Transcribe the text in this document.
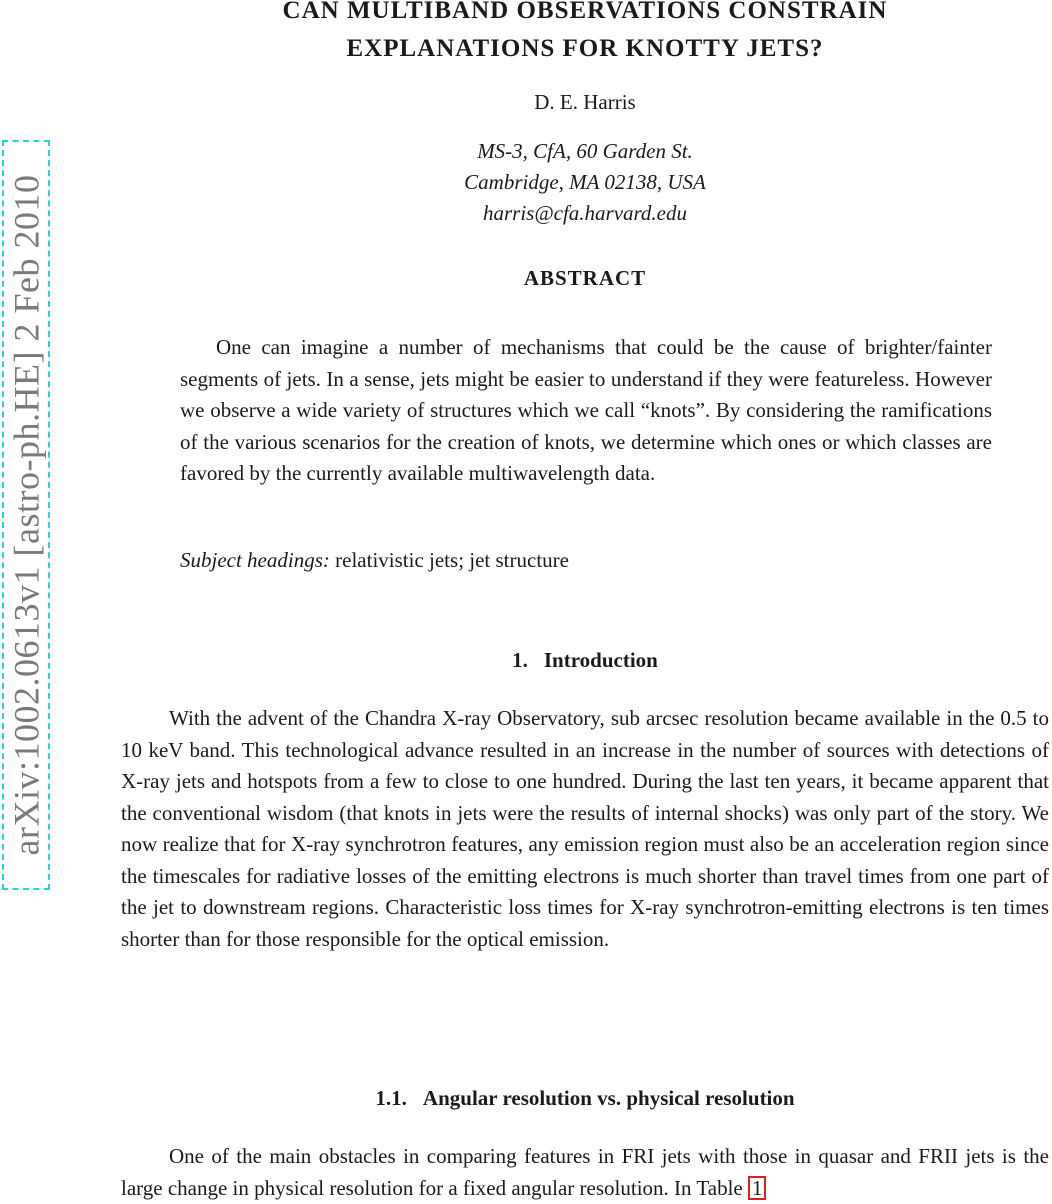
arXiv:1002.0613v1 [astro-ph.HE] 2 Feb 2010
CAN MULTIBAND OBSERVATIONS CONSTRAIN
EXPLANATIONS FOR KNOTTY JETS?
D. E. Harris
MS-3, CfA, 60 Garden St.
Cambridge, MA 02138, USA
harris@cfa.harvard.edu
ABSTRACT
One can imagine a number of mechanisms that could be the cause of brighter/fainter segments of jets. In a sense, jets might be easier to understand if they were featureless. However we observe a wide variety of structures which we call “knots”. By considering the ramifications of the various scenarios for the creation of knots, we determine which ones or which classes are favored by the currently available multiwavelength data.
Subject headings: relativistic jets; jet structure
1. Introduction
With the advent of the Chandra X-ray Observatory, sub arcsec resolution became available in the 0.5 to 10 keV band. This technological advance resulted in an increase in the number of sources with detections of X-ray jets and hotspots from a few to close to one hundred. During the last ten years, it became apparent that the conventional wisdom (that knots in jets were the results of internal shocks) was only part of the story. We now realize that for X-ray synchrotron features, any emission region must also be an acceleration region since the timescales for radiative losses of the emitting electrons is much shorter than travel times from one part of the jet to downstream regions. Characteristic loss times for X-ray synchrotron-emitting electrons is ten times shorter than for those responsible for the optical emission.
1.1. Angular resolution vs. physical resolution
One of the main obstacles in comparing features in FRI jets with those in quasar and FRII jets is the large change in physical resolution for a fixed angular resolution. In Table 1
